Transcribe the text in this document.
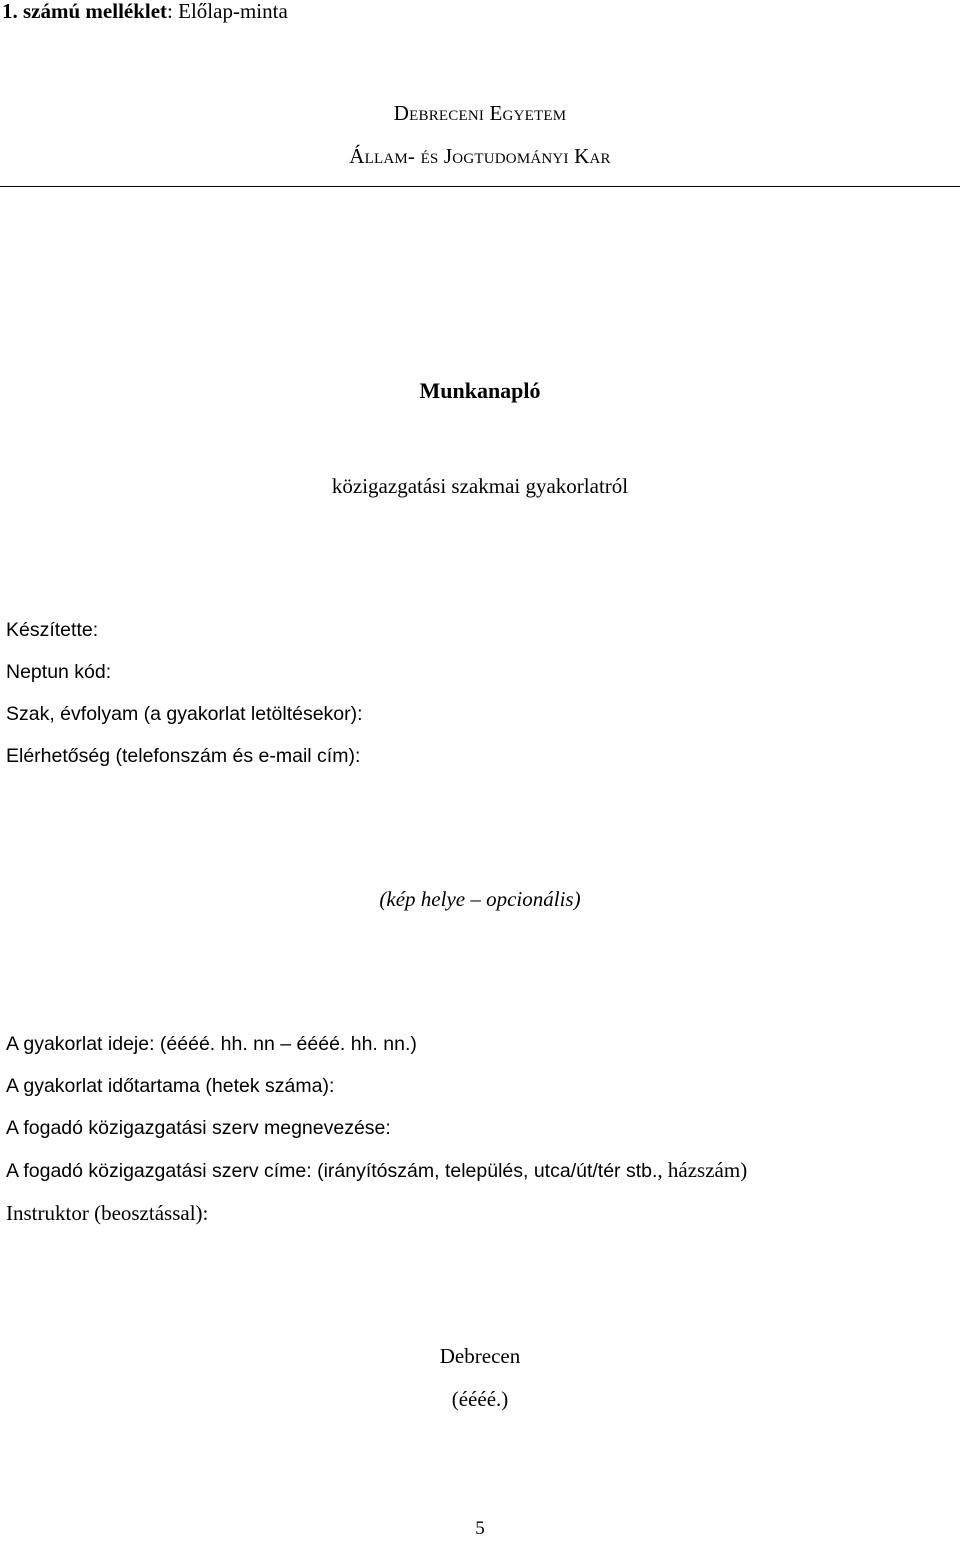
1. számú melléklet: Előlap-minta
Debreceni Egyetem
Állam- és Jogtudományi Kar
Munkanapló
közigazgatási szakmai gyakorlatról
Készítette:
Neptun kód:
Szak, évfolyam (a gyakorlat letöltésekor):
Elérhetőség (telefonszám és e-mail cím):
(kép helye – opcionális)
A gyakorlat ideje: (éééé. hh. nn – éééé. hh. nn.)
A gyakorlat időtartama (hetek száma):
A fogadó közigazgatási szerv megnevezése:
A fogadó közigazgatási szerv címe: (irányítószám, település, utca/út/tér stb., házszám)
Instruktor (beosztással):
Debrecen
(éééé.)
5
